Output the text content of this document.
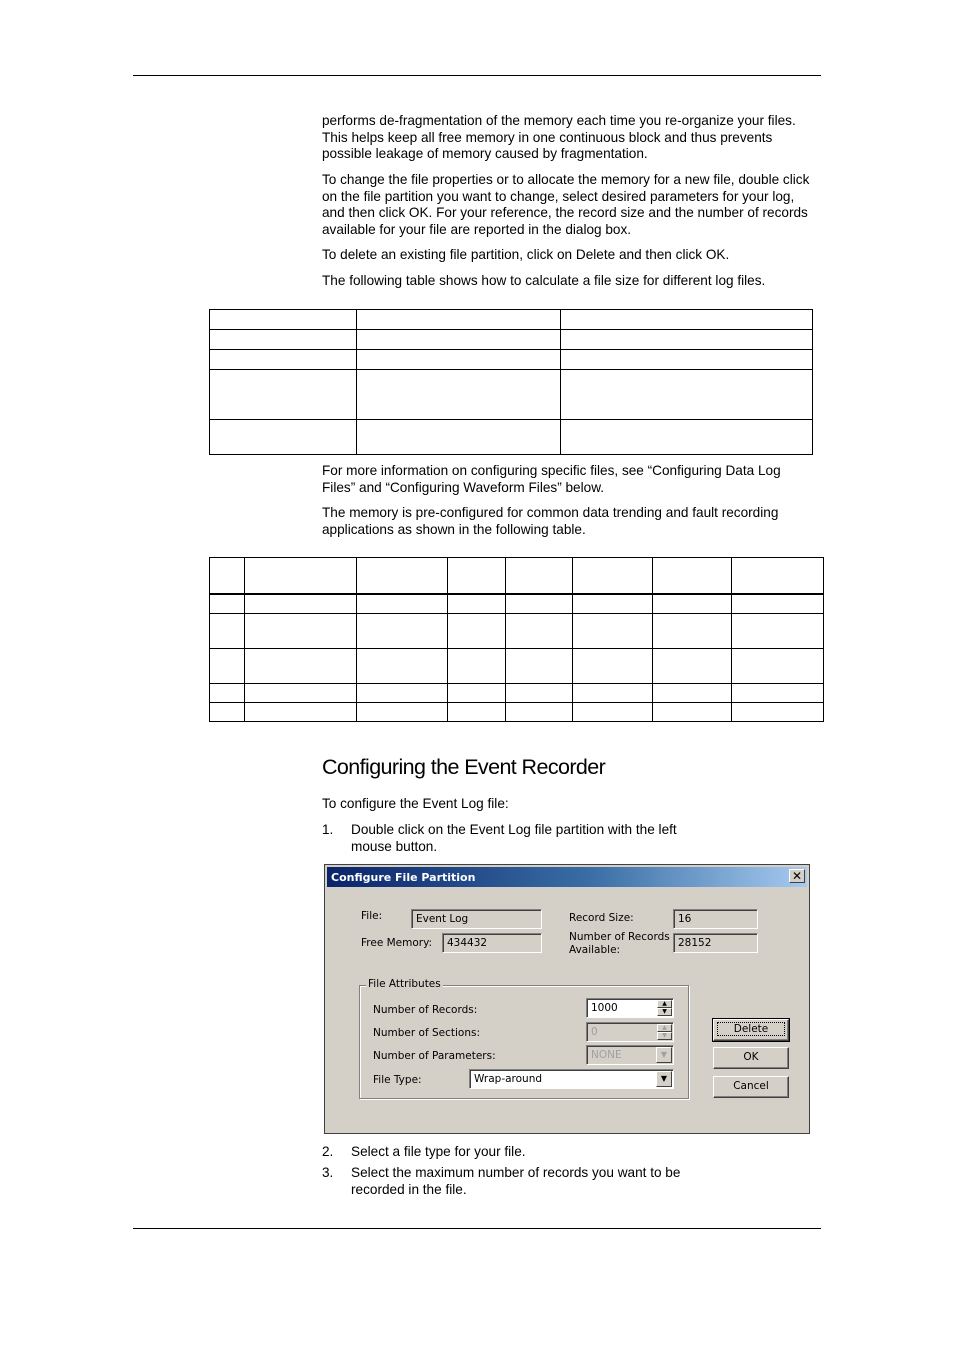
performs de-fragmentation of the memory each time you re-organize your files. This helps keep all free memory in one continuous block and thus prevents possible leakage of memory caused by fragmentation.

To change the file properties or to allocate the memory for a new file, double click on the file partition you want to change, select desired parameters for your log, and then click OK. For your reference, the record size and the number of records available for your file are reported in the dialog box.

To delete an existing file partition, click on Delete and then click OK.

The following table shows how to calculate a file size for different log files.

For more information on configuring specific files, see “Configuring Data Log Files” and “Configuring Waveform Files” below.

The memory is pre-configured for common data trending and fault recording applications as shown in the following table.

Configuring the Event Recorder

To configure the Event Log file:

1. Double click on the Event Log file partition with the left mouse button.
Configure File Partition	✕
File:	Event Log
Free Memory:	434432
Record Size:	16
Number of Records
Available:
28152
File Attributes
Number of Records:	1000	▲
▼
Number of Sections:	0	▲
▼
Number of Parameters:	NONE	▼
File Type:	Wrap-around	▼
Delete
OK
Cancel
2. Select a file type for your file.
3. Select the maximum number of records you want to be recorded in the file.
